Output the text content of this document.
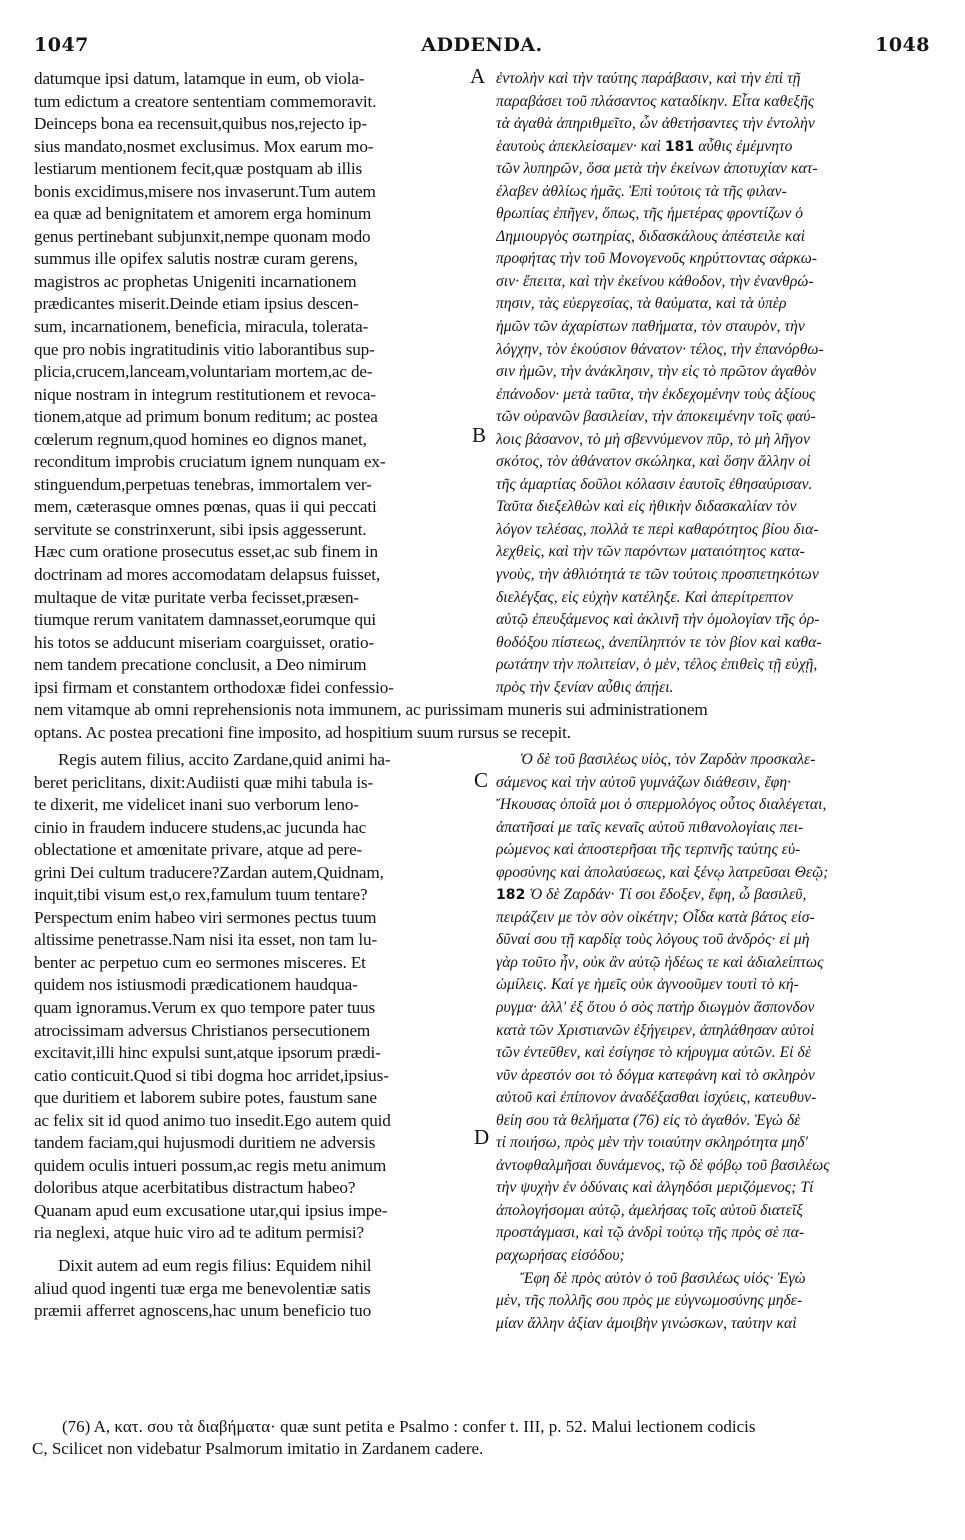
1047	ADDENDA.	1048
A
B
C
D
datumque ipsi datum, latamque in eum, ob viola-
tum edictum a creatore sententiam commemoravit.
Deinceps bona ea recensuit,quibus nos,rejecto ip-
sius mandato,nosmet exclusimus. Mox earum mo-
lestiarum mentionem fecit,quæ postquam ab illis
bonis excidimus,misere nos invaserunt.Tum autem
ea quæ ad benignitatem et amorem erga hominum
genus pertinebant subjunxit,nempe quonam modo
summus ille opifex salutis nostræ curam gerens,
magistros ac prophetas Unigeniti incarnationem
prædicantes miserit.Deinde etiam ipsius descen-
sum, incarnationem, beneficia, miracula, tolerata-
que pro nobis ingratitudinis vitio laborantibus sup-
plicia,crucem,lanceam,voluntariam mortem,ac de-
nique nostram in integrum restitutionem et revoca-
tionem,atque ad primum bonum reditum; ac postea
cœlerum regnum,quod homines eo dignos manet,
reconditum improbis cruciatum ignem nunquam ex-
stinguendum,perpetuas tenebras, immortalem ver-
mem, cæterasque omnes pœnas, quas ii qui peccati
servitute se constrinxerunt, sibi ipsis aggesserunt.
Hæc cum oratione prosecutus esset,ac sub finem in
doctrinam ad mores accomodatam delapsus fuisset,
multaque de vitæ puritate verba fecisset,præsen-
tiumque rerum vanitatem damnasset,eorumque qui
his totos se adducunt miseriam coarguisset, oratio-
nem tandem precatione conclusit, a Deo nimirum
ipsi firmam et constantem orthodoxæ fidei confessio-
ἐντολὴν καὶ τὴν ταύτης παράβασιν, καὶ τὴν ἐπὶ τῇ
παραβάσει τοῦ πλάσαντος καταδίκην. Εἶτα καθεξῆς
τὰ ἀγαθὰ ἀπηριθμεῖτο, ὧν ἀθετήσαντες τὴν ἐντολὴν
ἑαυτοὺς ἀπεκλείσαμεν· καὶ 181 αὖθις ἐμέμνητο
τῶν λυπηρῶν, ὅσα μετὰ τὴν ἐκείνων ἀποτυχίαν κατ-
έλαβεν ἀθλίως ἡμᾶς. Ἐπὶ τούτοις τὰ τῆς φιλαν-
θρωπίας ἐπῆγεν, ὅπως, τῆς ἡμετέρας φροντίζων ὁ
Δημιουργὸς σωτηρίας, διδασκάλους ἀπέστειλε καὶ
προφήτας τὴν τοῦ Μονογενοῦς κηρύττοντας σάρκω-
σιν· ἔπειτα, καὶ τὴν ἐκείνου κάθοδον, τὴν ἐνανθρώ-
πησιν, τὰς εὐεργεσίας, τὰ θαύματα, καὶ τὰ ὑπὲρ
ἡμῶν τῶν ἀχαρίστων παθήματα, τὸν σταυρὸν, τὴν
λόγχην, τὸν ἑκούσιον θάνατον· τέλος, τὴν ἐπανόρθω-
σιν ἡμῶν, τὴν ἀνάκλησιν, τὴν εἰς τὸ πρῶτον ἀγαθὸν
ἐπάνοδον· μετὰ ταῦτα, τὴν ἐκδεχομένην τοὺς ἀξίους
τῶν οὐρανῶν βασιλείαν, τὴν ἀποκειμένην τοῖς φαύ-
λοις βάσανον, τὸ μὴ σβεννύμενον πῦρ, τὸ μὴ λῆγον
σκότος, τὸν ἀθάνατον σκώληκα, καὶ ὅσην ἄλλην οἱ
τῆς ἁμαρτίας δοῦλοι κόλασιν ἑαυτοῖς ἐθησαύρισαν.
Ταῦτα διεξελθὼν καὶ εἰς ἠθικὴν διδασκαλίαν τὸν
λόγον τελέσας, πολλά τε περὶ καθαρότητος βίου δια-
λεχθεὶς, καὶ τὴν τῶν παρόντων ματαιότητος κατα-
γνοὺς, τὴν ἀθλιότητά τε τῶν τούτοις προσπετηκότων
διελέγξας, εἰς εὐχὴν κατέληξε. Καὶ ἀπερίτρεπτον
αὐτῷ ἐπευξάμενος καὶ ἀκλινῆ τὴν ὁμολογίαν τῆς ὀρ-
θοδόξου πίστεως, ἀνεπίληπτόν τε τὸν βίον καὶ καθα-
ρωτάτην τὴν πολιτείαν, ὁ μὲν, τέλος ἐπιθεὶς τῇ εὐχῇ,
πρὸς τὴν ξενίαν αὖθις ἀπῄει.
nem vitamque ab omni reprehensionis nota immunem, ac purissimam muneris sui administrationem
optans. Ac postea precationi fine imposito, ad hospitium suum rursus se recepit.
Regis autem filius, accito Zardane,quid animi ha-
beret periclitans, dixit:Audiisti quæ mihi tabula is-
te dixerit, me videlicet inani suo verborum leno-
cinio in fraudem inducere studens,ac jucunda hac
oblectatione et amœnitate privare, atque ad pere-
grini Dei cultum traducere?Zardan autem,Quidnam,
inquit,tibi visum est,o rex,famulum tuum tentare?
Perspectum enim habeo viri sermones pectus tuum
altissime penetrasse.Nam nisi ita esset, non tam lu-
benter ac perpetuo cum eo sermones misceres. Et
quidem nos istiusmodi prædicationem haudqua-
quam ignoramus.Verum ex quo tempore pater tuus
atrocissimam adversus Christianos persecutionem
excitavit,illi hinc expulsi sunt,atque ipsorum prædi-
catio conticuit.Quod si tibi dogma hoc arridet,ipsius-
que duritiem et laborem subire potes, faustum sane
ac felix sit id quod animo tuo insedit.Ego autem quid
tandem faciam,qui hujusmodi duritiem ne adversis
quidem oculis intueri possum,ac regis metu animum
doloribus atque acerbitatibus distractum habeo?
Quanam apud eum excusatione utar,qui ipsius impe-
ria neglexi, atque huic viro ad te aditum permisi?
Dixit autem ad eum regis filius: Equidem nihil
aliud quod ingenti tuæ erga me benevolentiæ satis
præmii afferret agnoscens,hac unum beneficio tuo
Ὁ δὲ τοῦ βασιλέως υἱὸς, τὸν Ζαρδὰν προσκαλε-
σάμενος καὶ τὴν αὐτοῦ γυμνάζων διάθεσιν, ἔφη·
Ἤκουσας ὁποῖά μοι ὁ σπερμολόγος οὗτος διαλέγεται,
ἀπατῆσαί με ταῖς κεναῖς αὐτοῦ πιθανολογίαις πει-
ρώμενος καὶ ἀποστερῆσαι τῆς τερπνῆς ταύτης εὐ-
φροσύνης καὶ ἀπολαύσεως, καὶ ξένῳ λατρεῦσαι Θεῷ;
182 Ὁ δὲ Ζαρδάν· Τί σοι ἔδοξεν, ἔφη, ὦ βασιλεῦ,
πειράζειν με τὸν σὸν οἰκέτην; Οἶδα κατὰ βάτος εἰσ-
δῦναί σου τῇ καρδίᾳ τοὺς λόγους τοῦ ἀνδρός· εἰ μὴ
γὰρ τοῦτο ἦν, οὐκ ἂν αὐτῷ ἡδέως τε καὶ ἀδιαλείπτως
ὡμίλεις. Καί γε ἡμεῖς οὐκ ἀγνοοῦμεν τουτὶ τὸ κή-
ρυγμα· ἀλλ' ἐξ ὅτου ὁ σὸς πατὴρ διωγμὸν ἄσπονδον
κατὰ τῶν Χριστιανῶν ἐξήγειρεν, ἀπηλάθησαν αὐτοὶ
τῶν ἐντεῦθεν, καὶ ἐσίγησε τὸ κήρυγμα αὐτῶν. Εἰ δὲ
νῦν ἀρεστόν σοι τὸ δόγμα κατεφάνη καὶ τὸ σκληρὸν
αὐτοῦ καὶ ἐπίπονον ἀναδέξασθαι ἰσχύεις, κατευθυν-
θείη σου τὰ θελήματα (76) εἰς τὸ ἀγαθόν. Ἐγὼ δὲ
τί ποιήσω, πρὸς μὲν τὴν τοιαύτην σκληρότητα μηδ'
ἀντοφθαλμῆσαι δυνάμενος, τῷ δὲ φόβῳ τοῦ βασιλέως
τὴν ψυχὴν ἐν ὀδύναις καὶ ἀλγηδόσι μεριζόμενος; Τί
ἀπολογήσομαι αὐτῷ, ἀμελήσας τοῖς αὐτοῦ διατεῖξ
προστάγμασι, καὶ τῷ ἀνδρὶ τούτῳ τῆς πρὸς σὲ πα-
ραχωρήσας εἰσόδου;
Ἔφη δὲ πρὸς αὐτὸν ὁ τοῦ βασιλέως υἱός· Ἐγὼ
μὲν, τῆς πολλῆς σου πρὸς με εὐγνωμοσύνης μηδε-
μίαν ἄλλην ἀξίαν ἀμοιβὴν γινώσκων, ταύτην καὶ
(76) A, κατ. σου τὰ διαβήματα· quæ sunt petita e Psalmo : confer t. III, p. 52. Malui lectionem codicis
C, Scilicet non videbatur Psalmorum imitatio in Zardanem cadere.
